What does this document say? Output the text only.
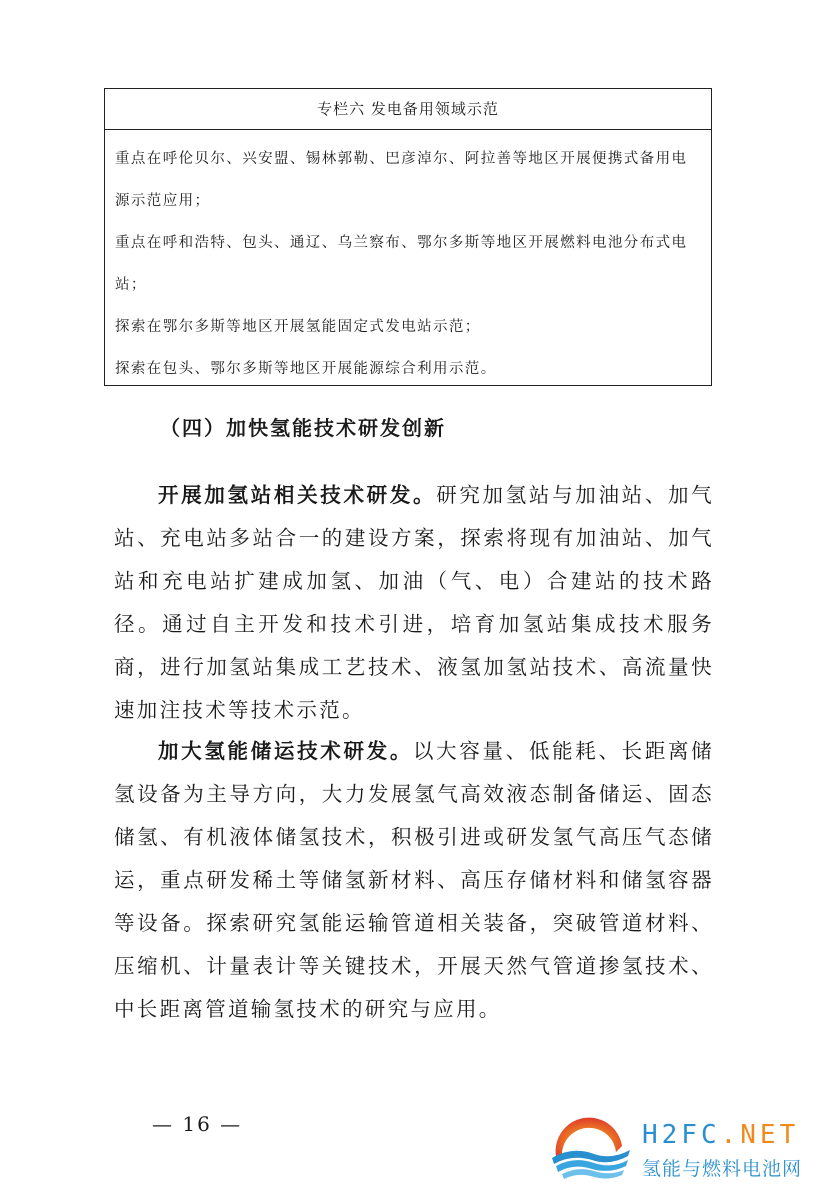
专栏六 发电备用领域示范

重点在呼伦贝尔、兴安盟、锡林郭勒、巴彦淖尔、阿拉善等地区开展便携式备用电源示范应用；

重点在呼和浩特、包头、通辽、乌兰察布、鄂尔多斯等地区开展燃料电池分布式电站；

探索在鄂尔多斯等地区开展氢能固定式发电站示范；

探索在包头、鄂尔多斯等地区开展能源综合利用示范。

（四）加快氢能技术研发创新

开展加氢站相关技术研发。研究加氢站与加油站、加气站、充电站多站合一的建设方案，探索将现有加油站、加气站和充电站扩建成加氢、加油（气、电）合建站的技术路径。通过自主开发和技术引进，培育加氢站集成技术服务商，进行加氢站集成工艺技术、液氢加氢站技术、高流量快速加注技术等技术示范。

加大氢能储运技术研发。以大容量、低能耗、长距离储氢设备为主导方向，大力发展氢气高效液态制备储运、固态储氢、有机液体储氢技术，积极引进或研发氢气高压气态储运，重点研发稀土等储氢新材料、高压存储材料和储氢容器等设备。探索研究氢能运输管道相关装备，突破管道材料、压缩机、计量表计等关键技术，开展天然气管道掺氢技术、中长距离管道输氢技术的研究与应用。

— 16 —	H2FC.NET
氢能与燃料电池网
